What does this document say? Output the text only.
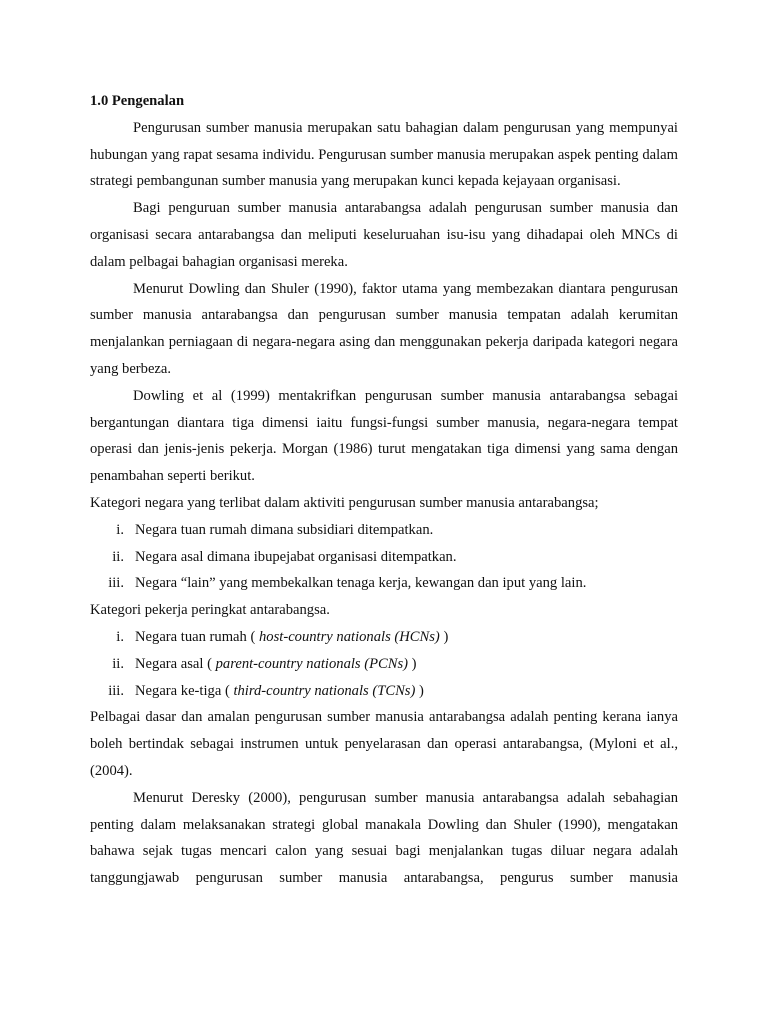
1.0 Pengenalan

Pengurusan sumber manusia merupakan satu bahagian dalam pengurusan yang mempunyai hubungan yang rapat sesama individu. Pengurusan sumber manusia merupakan aspek penting dalam strategi pembangunan sumber manusia yang merupakan kunci kepada kejayaan organisasi.

Bagi penguruan sumber manusia antarabangsa adalah pengurusan sumber manusia dan organisasi secara antarabangsa dan meliputi keseluruahan isu-isu yang dihadapai oleh MNCs di dalam pelbagai bahagian organisasi mereka.

Menurut Dowling dan Shuler (1990), faktor utama yang membezakan diantara pengurusan sumber manusia antarabangsa dan pengurusan sumber manusia tempatan adalah kerumitan menjalankan perniagaan di negara-negara asing dan menggunakan pekerja daripada kategori negara yang berbeza.

Dowling et al (1999) mentakrifkan pengurusan sumber manusia antarabangsa sebagai bergantungan diantara tiga dimensi iaitu fungsi-fungsi sumber manusia, negara-negara tempat operasi dan jenis-jenis pekerja. Morgan (1986) turut mengatakan tiga dimensi yang sama dengan penambahan seperti berikut.

Kategori negara yang terlibat dalam aktiviti pengurusan sumber manusia antarabangsa;

i. Negara tuan rumah dimana subsidiari ditempatkan.
ii. Negara asal dimana ibupejabat organisasi ditempatkan.
iii. Negara “lain” yang membekalkan tenaga kerja, kewangan dan iput yang lain.

Kategori pekerja peringkat antarabangsa.

i. Negara tuan rumah ( host-country nationals (HCNs) )
ii. Negara asal ( parent-country nationals (PCNs) )
iii. Negara ke-tiga ( third-country nationals (TCNs) )

Pelbagai dasar dan amalan pengurusan sumber manusia antarabangsa adalah penting kerana ianya boleh bertindak sebagai instrumen untuk penyelarasan dan operasi antarabangsa, (Myloni et al.,(2004).

Menurut Deresky (2000), pengurusan sumber manusia antarabangsa adalah sebahagian penting dalam melaksanakan strategi global manakala Dowling dan Shuler (1990), mengatakan bahawa sejak tugas mencari calon yang sesuai bagi menjalankan tugas diluar negara adalah tanggungjawab pengurusan sumber manusia antarabangsa, pengurus sumber manusia
